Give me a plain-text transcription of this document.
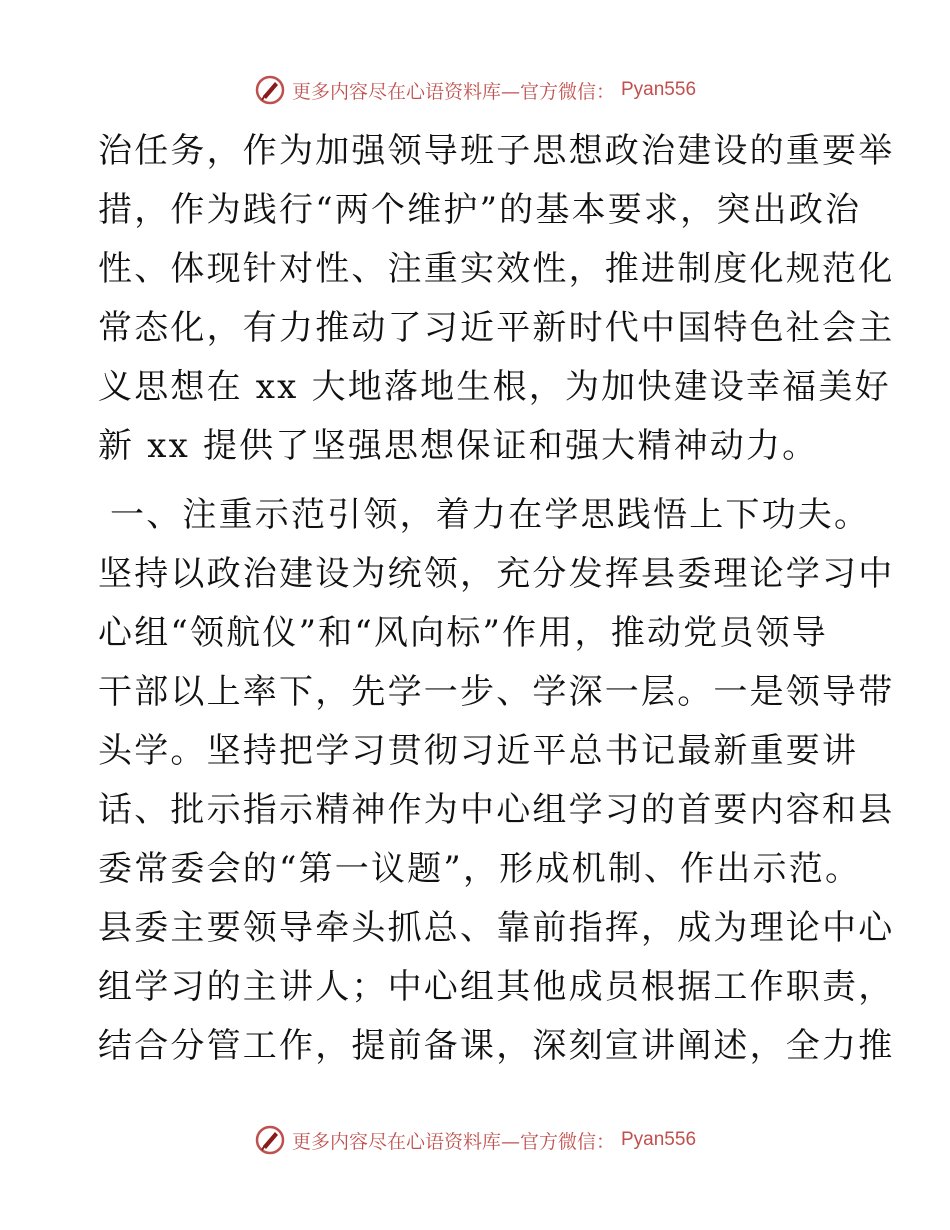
更多内容尽在心语资料库—官方微信： Pyan556
治任务，作为加强领导班子思想政治建设的重要举
措，作为践行“两个维护”的基本要求，突出政治
性、体现针对性、注重实效性，推进制度化规范化
常态化，有力推动了习近平新时代中国特色社会主
义思想在 xx 大地落地生根，为加快建设幸福美好
新 xx 提供了坚强思想保证和强大精神动力。
一、注重示范引领，着力在学思践悟上下功夫。
坚持以政治建设为统领，充分发挥县委理论学习中
心组“领航仪”和“风向标”作用，推动党员领导
干部以上率下，先学一步、学深一层。一是领导带
头学。坚持把学习贯彻习近平总书记最新重要讲
话、批示指示精神作为中心组学习的首要内容和县
委常委会的“第一议题”，形成机制、作出示范。
县委主要领导牵头抓总、靠前指挥，成为理论中心
组学习的主讲人；中心组其他成员根据工作职责，
结合分管工作，提前备课，深刻宣讲阐述，全力推
更多内容尽在心语资料库—官方微信： Pyan556
